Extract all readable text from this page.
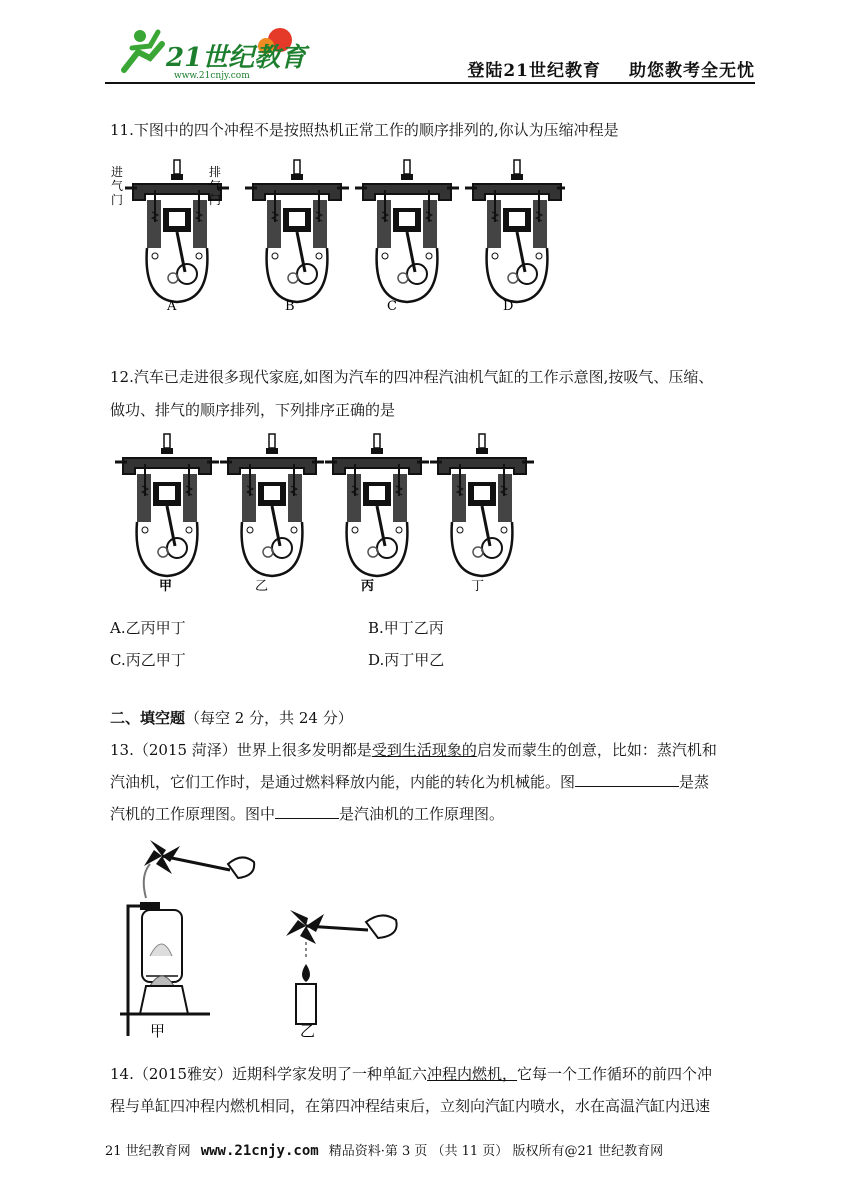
21世纪教育
www.21cnjy.com	登陆21世纪教育 助您教考全无忧
11.下图中的四个冲程不是按照热机正常工作的顺序排列的,你认为压缩冲程是
进
气
门
排
气
门
A	B	C	D
12.汽车已走进很多现代家庭,如图为汽车的四冲程汽油机气缸的工作示意图,按吸气、压缩、
做功、排气的顺序排列，下列排序正确的是
甲	乙	丙	丁
A.乙丙甲丁	B.甲丁乙丙
C.丙乙甲丁	D.丙丁甲乙
二、填空题（每空 2 分，共 24 分）
13.（2015 菏泽）世界上很多发明都是受到生活现象的启发而蒙生的创意，比如：蒸汽机和
汽油机，它们工作时，是通过燃料释放内能，内能的转化为机械能。图	是蒸
汽机的工作原理图。图中	是汽油机的工作原理图。
甲	乙
14.（2015雅安）近期科学家发明了一种单缸六冲程内燃机，它每一个工作循环的前四个冲
程与单缸四冲程内燃机相同，在第四冲程结束后，立刻向汽缸内喷水，水在高温汽缸内迅速
21 世纪教育网 www.21cnjy.com 精品资料·第 3 页 （共 11 页） 版权所有@21 世纪教育网
